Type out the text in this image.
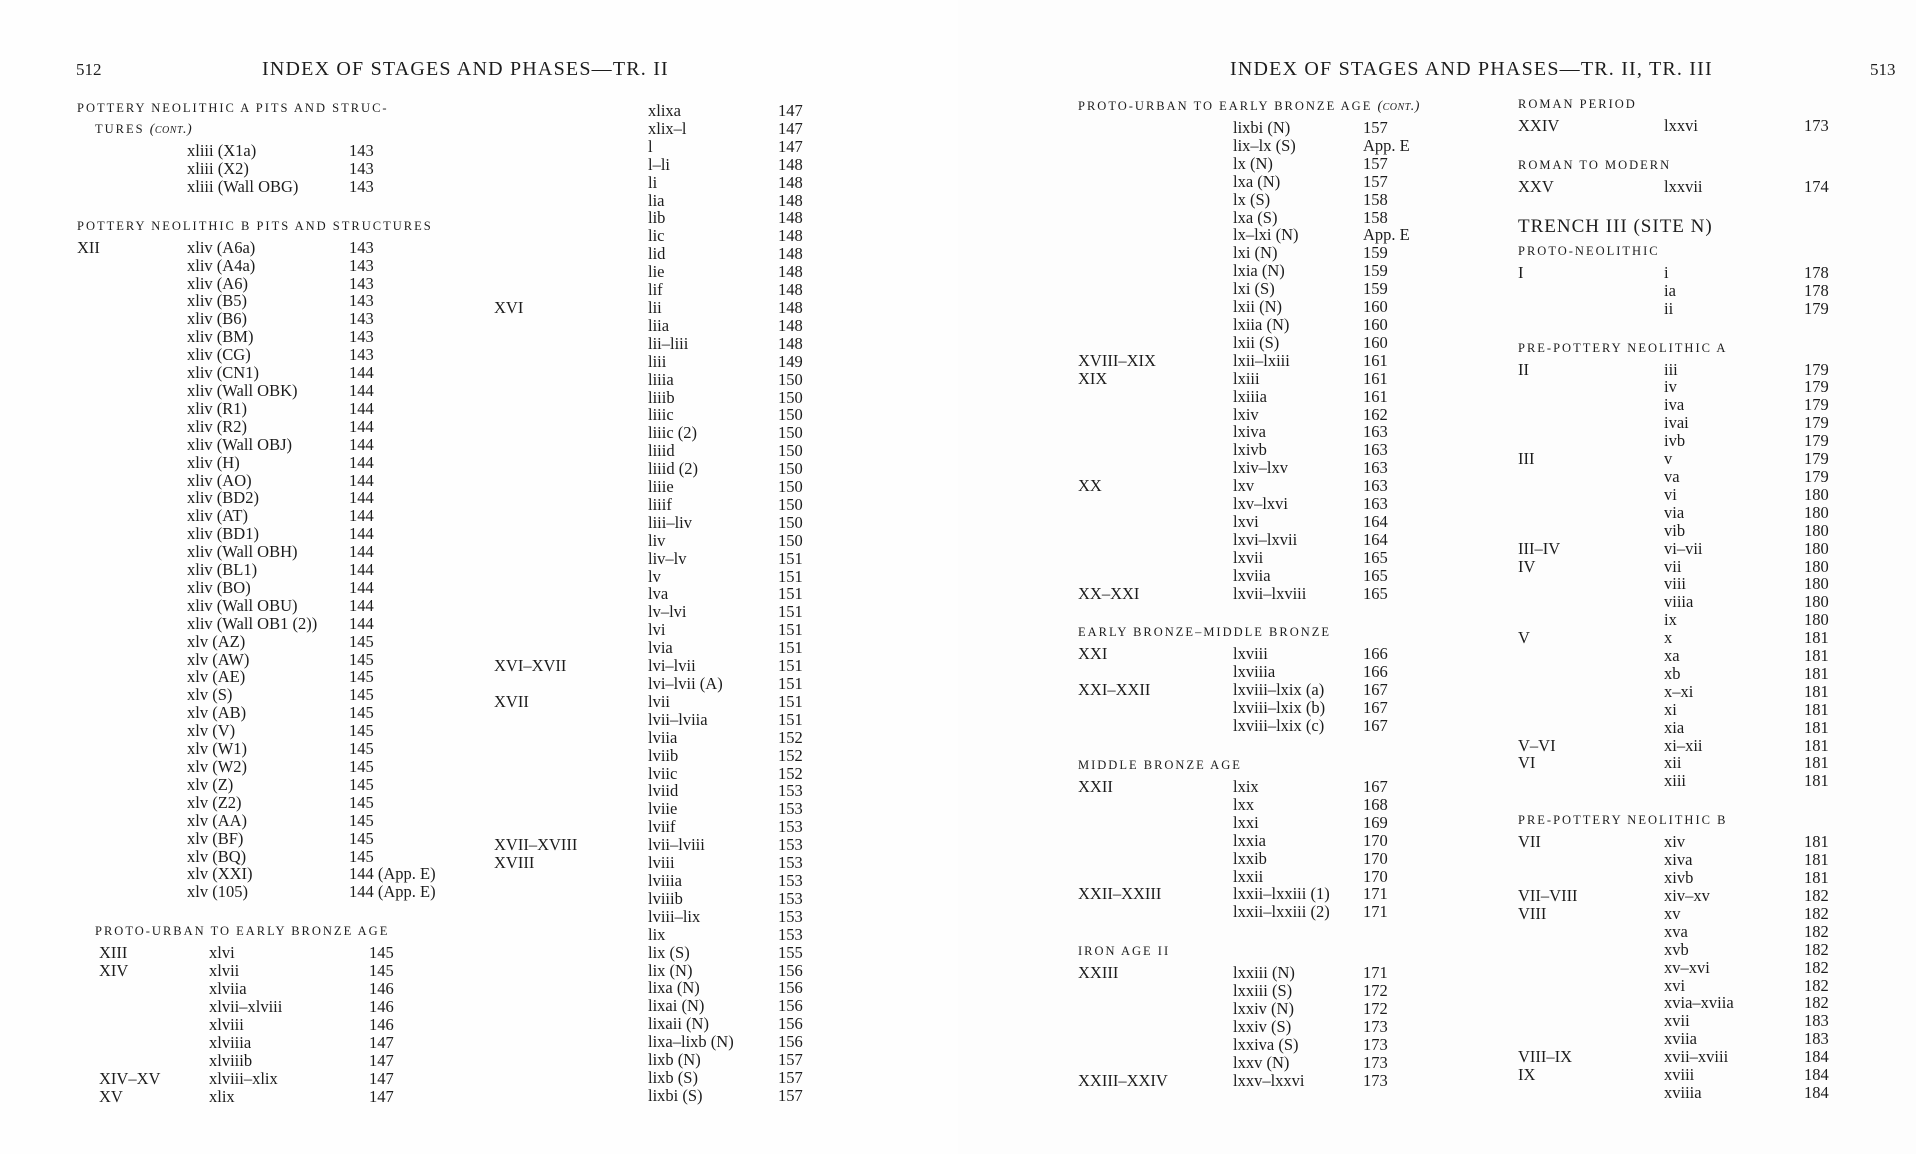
512	INDEX OF STAGES AND PHASES—TR. II
POTTERY NEOLITHIC A PITS AND STRUC-
TURES (cont.)
xliii (X1a)	143
xliii (X2)	143
xliii (Wall OBG)	143
POTTERY NEOLITHIC B PITS AND STRUCTURES
XII	xliv (A6a)	143
xliv (A4a)	143
xliv (A6)	143
xliv (B5)	143
xliv (B6)	143
xliv (BM)	143
xliv (CG)	143
xliv (CN1)	144
xliv (Wall OBK)	144
xliv (R1)	144
xliv (R2)	144
xliv (Wall OBJ)	144
xliv (H)	144
xliv (AO)	144
xliv (BD2)	144
xliv (AT)	144
xliv (BD1)	144
xliv (Wall OBH)	144
xliv (BL1)	144
xliv (BO)	144
xliv (Wall OBU)	144
xliv (Wall OB1 (2))	144
xlv (AZ)	145
xlv (AW)	145
xlv (AE)	145
xlv (S)	145
xlv (AB)	145
xlv (V)	145
xlv (W1)	145
xlv (W2)	145
xlv (Z)	145
xlv (Z2)	145
xlv (AA)	145
xlv (BF)	145
xlv (BQ)	145
xlv (XXI)	144 (App. E)
xlv (105)	144 (App. E)
PROTO-URBAN TO EARLY BRONZE AGE
XIII	xlvi	145
XIV	xlvii	145
xlviia	146
xlvii–xlviii	146
xlviii	146
xlviiia	147
xlviiib	147
XIV–XV	xlviii–xlix	147
XV	xlix	147
xlixa	147
xlix–l	147
l	147
l–li	148
li	148
lia	148
lib	148
lic	148
lid	148
lie	148
lif	148
XVI	lii	148
liia	148
lii–liii	148
liii	149
liiia	150
liiib	150
liiic	150
liiic (2)	150
liiid	150
liiid (2)	150
liiie	150
liiif	150
liii–liv	150
liv	150
liv–lv	151
lv	151
lva	151
lv–lvi	151
lvi	151
lvia	151
XVI–XVII	lvi–lvii	151
lvi–lvii (A)	151
XVII	lvii	151
lvii–lviia	151
lviia	152
lviib	152
lviic	152
lviid	153
lviie	153
lviif	153
XVII–XVIII	lvii–lviii	153
XVIII	lviii	153
lviiia	153
lviiib	153
lviii–lix	153
lix	153
lix (S)	155
lix (N)	156
lixa (N)	156
lixai (N)	156
lixaii (N)	156
lixa–lixb (N)	156
lixb (N)	157
lixb (S)	157
lixbi (S)	157
INDEX OF STAGES AND PHASES—TR. II, TR. III	513
PROTO-URBAN TO EARLY BRONZE AGE (cont.)
lixbi (N)	157
lix–lx (S)	App. E
lx (N)	157
lxa (N)	157
lx (S)	158
lxa (S)	158
lx–lxi (N)	App. E
lxi (N)	159
lxia (N)	159
lxi (S)	159
lxii (N)	160
lxiia (N)	160
lxii (S)	160
XVIII–XIX	lxii–lxiii	161
XIX	lxiii	161
lxiiia	161
lxiv	162
lxiva	163
lxivb	163
lxiv–lxv	163
XX	lxv	163
lxv–lxvi	163
lxvi	164
lxvi–lxvii	164
lxvii	165
lxviia	165
XX–XXI	lxvii–lxviii	165
EARLY BRONZE–MIDDLE BRONZE
XXI	lxviii	166
lxviiia	166
XXI–XXII	lxviii–lxix (a)	167
lxviii–lxix (b)	167
lxviii–lxix (c)	167
MIDDLE BRONZE AGE
XXII	lxix	167
lxx	168
lxxi	169
lxxia	170
lxxib	170
lxxii	170
XXII–XXIII	lxxii–lxxiii (1)	171
lxxii–lxxiii (2)	171
IRON AGE II
XXIII	lxxiii (N)	171
lxxiii (S)	172
lxxiv (N)	172
lxxiv (S)	173
lxxiva (S)	173
lxxv (N)	173
XXIII–XXIV	lxxv–lxxvi	173
ROMAN PERIOD
XXIV	lxxvi	173
ROMAN TO MODERN
XXV	lxxvii	174
TRENCH III (SITE N)
PROTO-NEOLITHIC
I	i	178
ia	178
ii	179
PRE-POTTERY NEOLITHIC A
II	iii	179
iv	179
iva	179
ivai	179
ivb	179
III	v	179
va	179
vi	180
via	180
vib	180
III–IV	vi–vii	180
IV	vii	180
viii	180
viiia	180
ix	180
V	x	181
xa	181
xb	181
x–xi	181
xi	181
xia	181
V–VI	xi–xii	181
VI	xii	181
xiii	181
PRE-POTTERY NEOLITHIC B
VII	xiv	181
xiva	181
xivb	181
VII–VIII	xiv–xv	182
VIII	xv	182
xva	182
xvb	182
xv–xvi	182
xvi	182
xvia–xviia	182
xvii	183
xviia	183
VIII–IX	xvii–xviii	184
IX	xviii	184
xviiia	184
